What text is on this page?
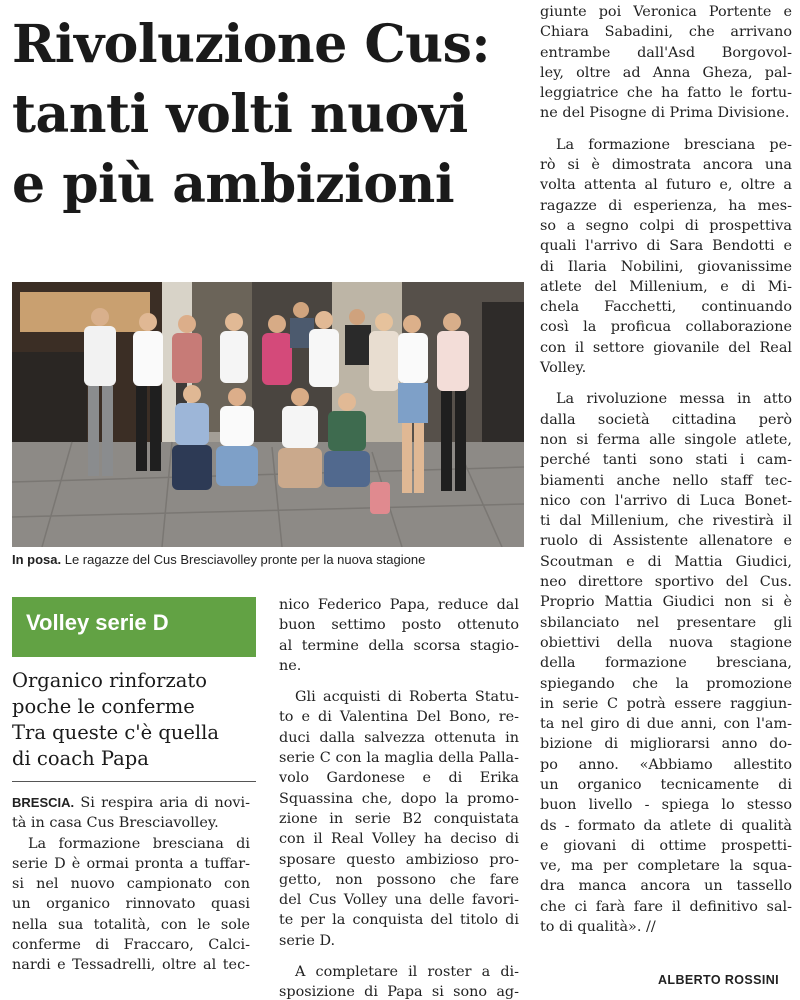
Rivoluzione Cus:
tanti volti nuovi
e più ambizioni
In posa. Le ragazze del Cus Bresciavolley pronte per la nuova stagione
Volley serie D
Organico rinforzato
poche le conferme
Tra queste c'è quella
di coach Papa
BRESCIA. Si respira aria di novi-
tà in casa Cus Bresciavolley.
La formazione bresciana di
serie D è ormai pronta a tuffar-
si nel nuovo campionato con
un organico rinnovato quasi
nella sua totalità, con le sole
conferme di Fraccaro, Calci-
nardi e Tessadrelli, oltre al tec-
nico Federico Papa, reduce dal
buon settimo posto ottenuto
al termine della scorsa stagio-
ne.
Gli acquisti di Roberta Statu-
to e di Valentina Del Bono, re-
duci dalla salvezza ottenuta in
serie C con la maglia della Palla-
volo Gardonese e di Erika
Squassina che, dopo la promo-
zione in serie B2 conquistata
con il Real Volley ha deciso di
sposare questo ambizioso pro-
getto, non possono che fare
del Cus Volley una delle favori-
te per la conquista del titolo di
serie D.
A completare il roster a di-
sposizione di Papa si sono ag-
giunte poi Veronica Portente e
Chiara Sabadini, che arrivano
entrambe dall'Asd Borgovol-
ley, oltre ad Anna Gheza, pal-
leggiatrice che ha fatto le fortu-
ne del Pisogne di Prima Divisione.
La formazione bresciana pe-
rò si è dimostrata ancora una
volta attenta al futuro e, oltre a
ragazze di esperienza, ha mes-
so a segno colpi di prospettiva
quali l'arrivo di Sara Bendotti e
di Ilaria Nobilini, giovanissime
atlete del Millenium, e di Mi-
chela Facchetti, continuando
così la proficua collaborazione
con il settore giovanile del Real
Volley.
La rivoluzione messa in atto
dalla società cittadina però
non si ferma alle singole atlete,
perché tanti sono stati i cam-
biamenti anche nello staff tec-
nico con l'arrivo di Luca Bonet-
ti dal Millenium, che rivestirà il
ruolo di Assistente allenatore e
Scoutman e di Mattia Giudici,
neo direttore sportivo del Cus.
Proprio Mattia Giudici non si è
sbilanciato nel presentare gli
obiettivi della nuova stagione
della formazione bresciana,
spiegando che la promozione
in serie C potrà essere raggiun-
ta nel giro di due anni, con l'am-
bizione di migliorarsi anno do-
po anno. «Abbiamo allestito
un organico tecnicamente di
buon livello - spiega lo stesso
ds - formato da atlete di qualità
e giovani di ottime prospetti-
ve, ma per completare la squa-
dra manca ancora un tassello
che ci farà fare il definitivo sal-
to di qualità». //
ALBERTO ROSSINI
